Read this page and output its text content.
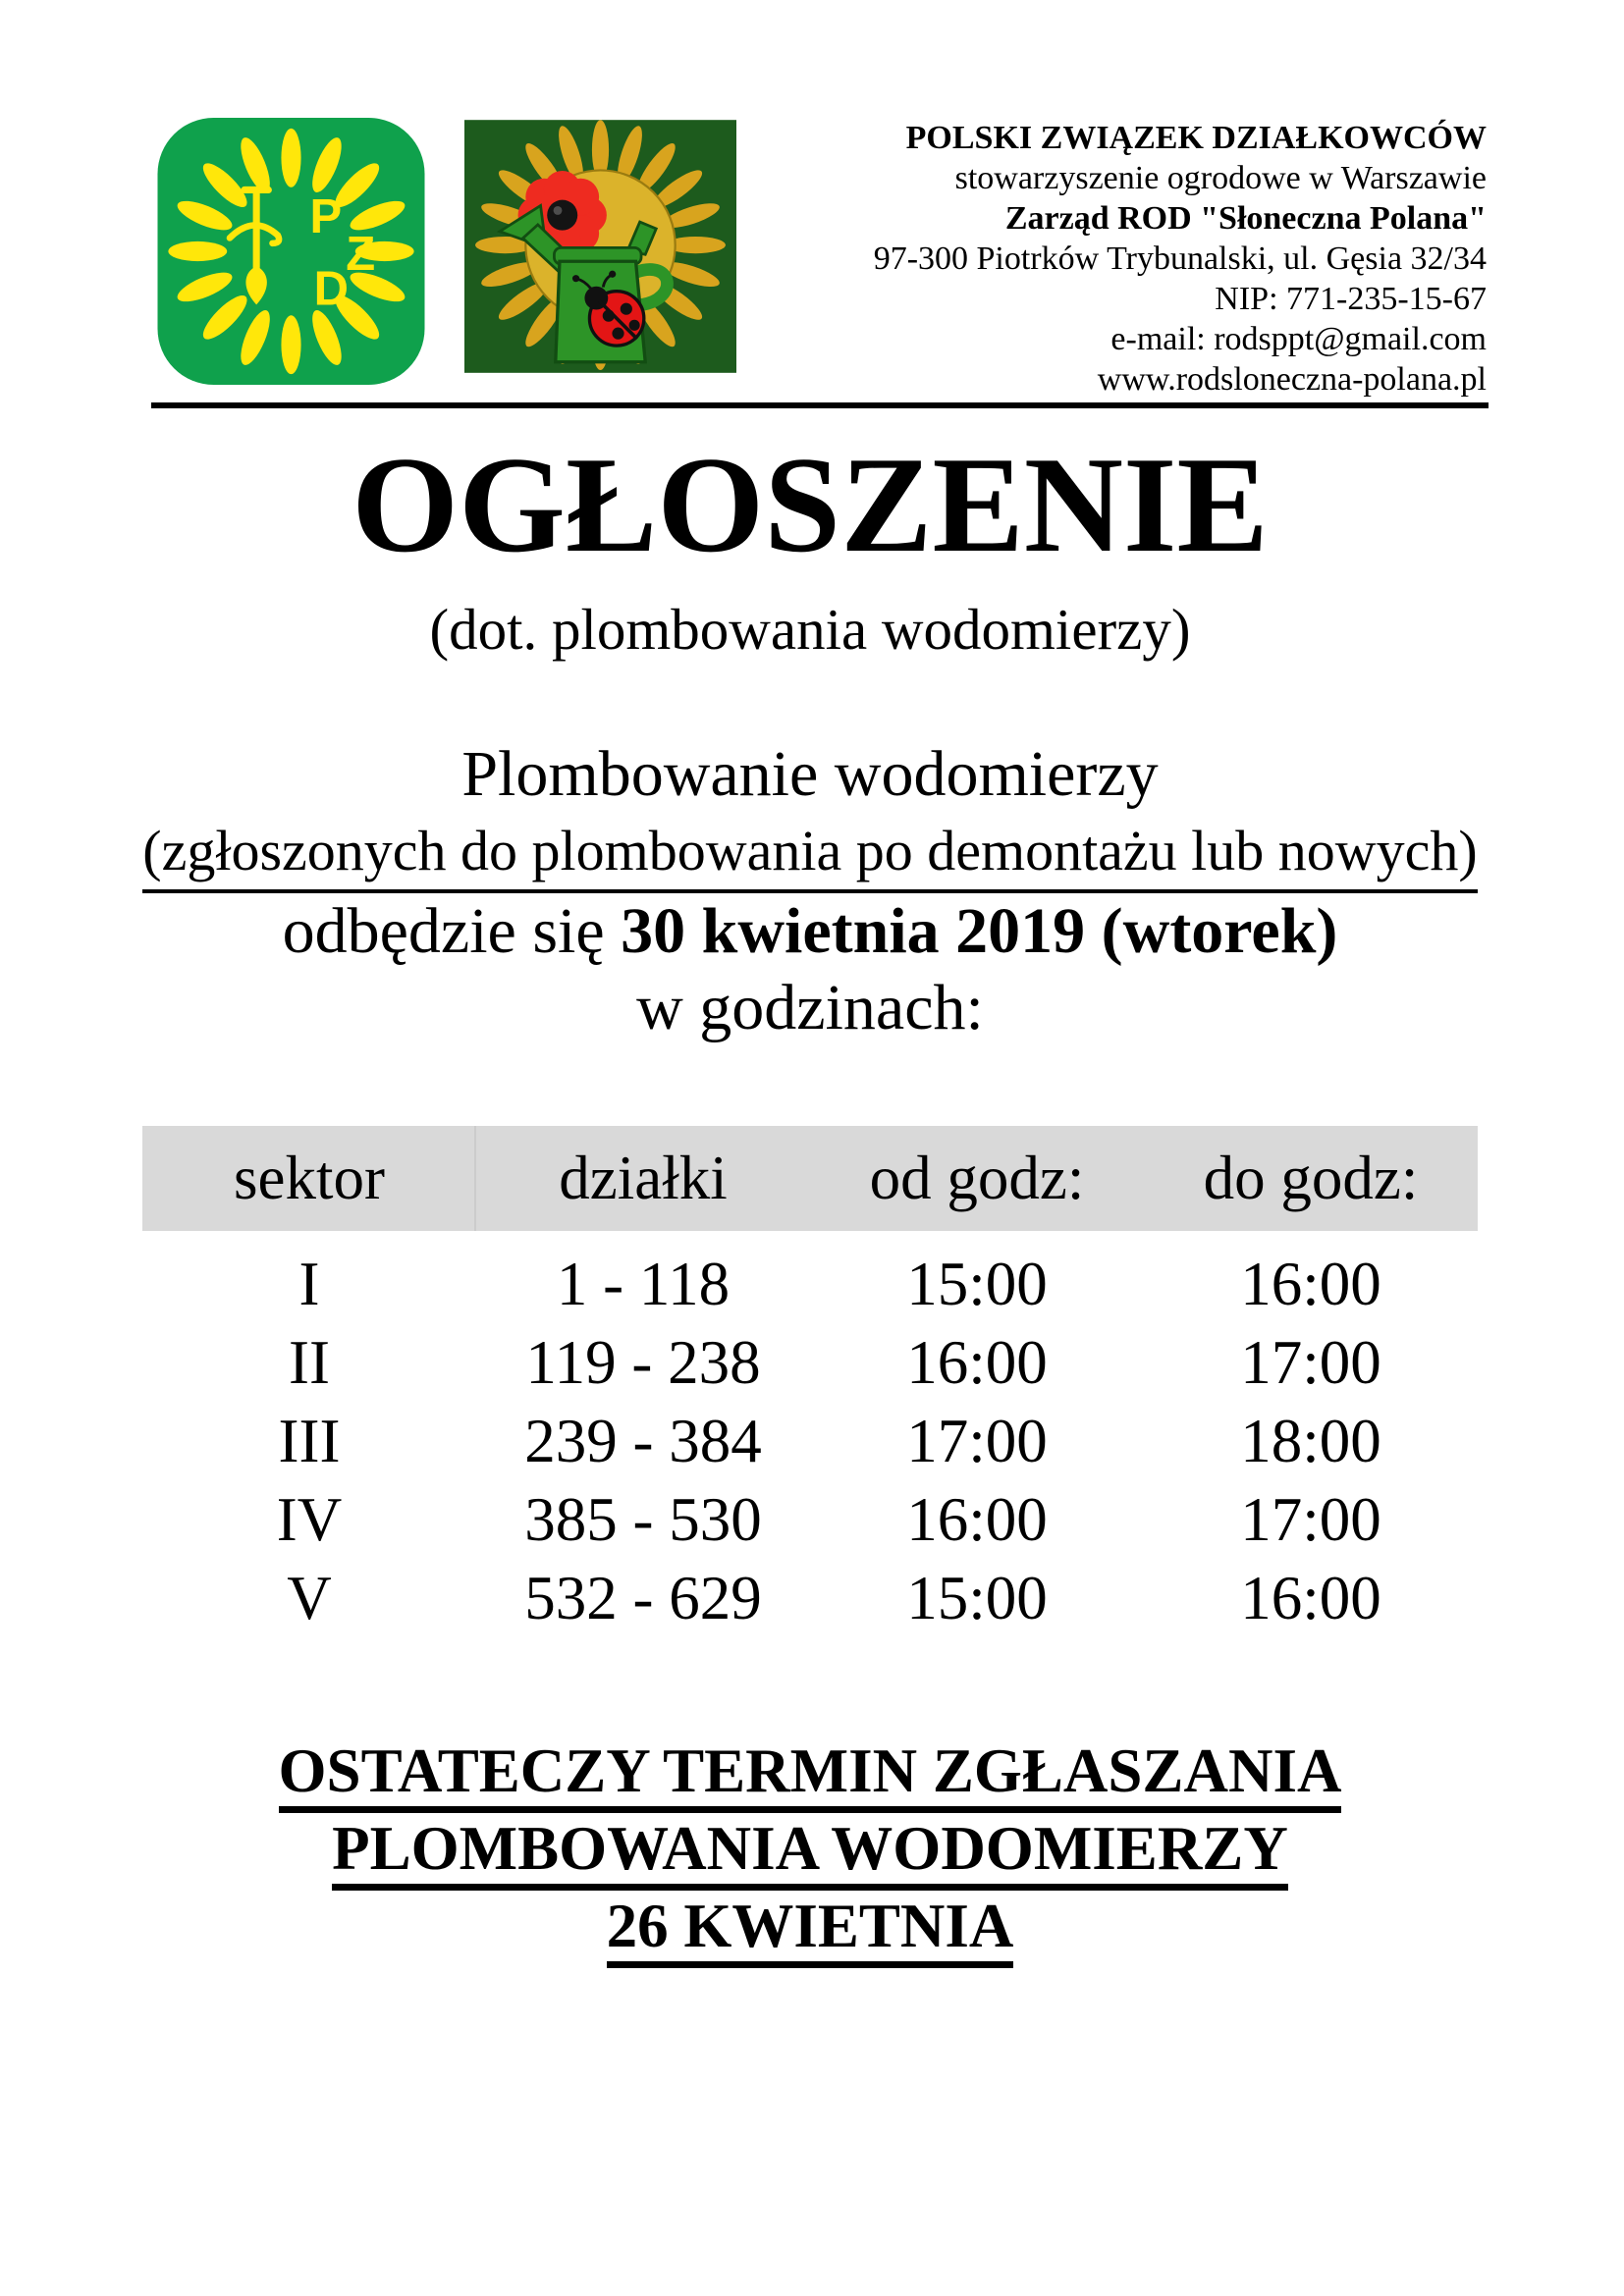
P
Z
D
POLSKI ZWIĄZEK DZIAŁKOWCÓW
stowarzyszenie ogrodowe w Warszawie
Zarząd ROD "Słoneczna Polana"
97-300 Piotrków Trybunalski, ul. Gęsia 32/34
NIP: 771-235-15-67
e-mail: rodsppt@gmail.com
www.rodsloneczna-polana.pl
OGŁOSZENIE
(dot. plombowania wodomierzy)
Plombowanie wodomierzy
(zgłoszonych do plombowania po demontażu lub nowych)
odbędzie się 30 kwietnia 2019 (wtorek)
w godzinach:
sektor	działki	od godz:	do godz:
I	1 - 118	15:00	16:00
II	119 - 238	16:00	17:00
III	239 - 384	17:00	18:00
IV	385 - 530	16:00	17:00
V	532 - 629	15:00	16:00
OSTATECZY TERMIN ZGŁASZANIA
PLOMBOWANIA WODOMIERZY
26 KWIETNIA
